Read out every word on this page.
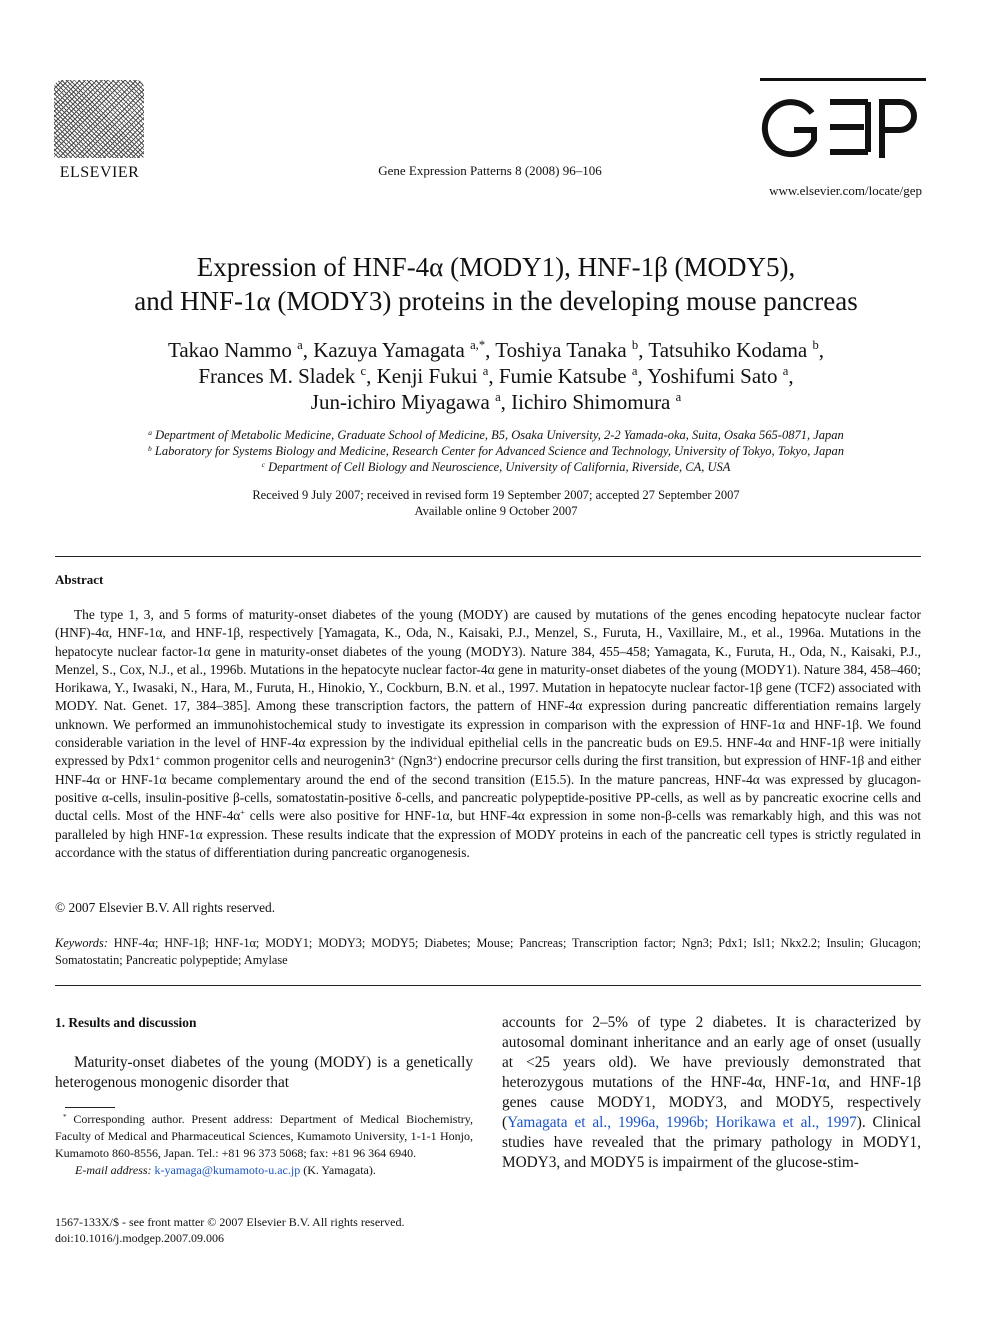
ELSEVIER	Gene Expression Patterns 8 (2008) 96–106
www.elsevier.com/locate/gep
Expression of HNF-4α (MODY1), HNF-1β (MODY5),
and HNF-1α (MODY3) proteins in the developing mouse pancreas
Takao Nammo $^a$, Kazuya Yamagata $^{a,*}$, Toshiya Tanaka $^b$, Tatsuhiko Kodama $^b$,
Frances M. Sladek $^c$, Kenji Fukui $^a$, Fumie Katsube $^a$, Yoshifumi Sato $^a$,
Jun-ichiro Miyagawa $^a$, Iichiro Shimomura $^a$
$^a$ Department of Metabolic Medicine, Graduate School of Medicine, B5, Osaka University, 2-2 Yamada-oka, Suita, Osaka 565-0871, Japan
$^b$ Laboratory for Systems Biology and Medicine, Research Center for Advanced Science and Technology, University of Tokyo, Tokyo, Japan
$^c$ Department of Cell Biology and Neuroscience, University of California, Riverside, CA, USA
Received 9 July 2007; received in revised form 19 September 2007; accepted 27 September 2007
Available online 9 October 2007
Abstract
The type 1, 3, and 5 forms of maturity-onset diabetes of the young (MODY) are caused by mutations of the genes encoding hepatocyte nuclear factor (HNF)-4α, HNF-1α, and HNF-1β, respectively [Yamagata, K., Oda, N., Kaisaki, P.J., Menzel, S., Furuta, H., Vaxillaire, M., et al., 1996a. Mutations in the hepatocyte nuclear factor-1α gene in maturity-onset diabetes of the young (MODY3). Nature 384, 455–458; Yamagata, K., Furuta, H., Oda, N., Kaisaki, P.J., Menzel, S., Cox, N.J., et al., 1996b. Mutations in the hepatocyte nuclear factor-4α gene in maturity-onset diabetes of the young (MODY1). Nature 384, 458–460; Horikawa, Y., Iwasaki, N., Hara, M., Furuta, H., Hinokio, Y., Cockburn, B.N. et al., 1997. Mutation in hepatocyte nuclear factor-1β gene (TCF2) associated with MODY. Nat. Genet. 17, 384–385]. Among these transcription factors, the pattern of HNF-4α expression during pancreatic differentiation remains largely unknown. We performed an immunohistochemical study to investigate its expression in comparison with the expression of HNF-1α and HNF-1β. We found considerable variation in the level of HNF-4α expression by the individual epithelial cells in the pancreatic buds on E9.5. HNF-4α and HNF-1β were initially expressed by Pdx1+ common progenitor cells and neurogenin3+ (Ngn3+) endocrine precursor cells during the first transition, but expression of HNF-1β and either HNF-4α or HNF-1α became complementary around the end of the second transition (E15.5). In the mature pancreas, HNF-4α was expressed by glucagon-positive α-cells, insulin-positive β-cells, somatostatin-positive δ-cells, and pancreatic polypeptide-positive PP-cells, as well as by pancreatic exocrine cells and ductal cells. Most of the HNF-4α+ cells were also positive for HNF-1α, but HNF-4α expression in some non-β-cells was remarkably high, and this was not paralleled by high HNF-1α expression. These results indicate that the expression of MODY proteins in each of the pancreatic cell types is strictly regulated in accordance with the status of differentiation during pancreatic organogenesis.
© 2007 Elsevier B.V. All rights reserved.
Keywords: HNF-4α; HNF-1β; HNF-1α; MODY1; MODY3; MODY5; Diabetes; Mouse; Pancreas; Transcription factor; Ngn3; Pdx1; Isl1; Nkx2.2; Insulin; Glucagon; Somatostatin; Pancreatic polypeptide; Amylase
1. Results and discussion
Maturity-onset diabetes of the young (MODY) is a genetically heterogenous monogenic disorder that
* Corresponding author. Present address: Department of Medical Biochemistry, Faculty of Medical and Pharmaceutical Sciences, Kumamoto University, 1-1-1 Honjo, Kumamoto 860-8556, Japan. Tel.: +81 96 373 5068; fax: +81 96 364 6940.
E-mail address: k-yamaga@kumamoto-u.ac.jp (K. Yamagata).
1567-133X/$ - see front matter © 2007 Elsevier B.V. All rights reserved.
doi:10.1016/j.modgep.2007.09.006
accounts for 2–5% of type 2 diabetes. It is characterized by autosomal dominant inheritance and an early age of onset (usually at <25 years old). We have previously demonstrated that heterozygous mutations of the HNF-4α, HNF-1α, and HNF-1β genes cause MODY1, MODY3, and MODY5, respectively (Yamagata et al., 1996a, 1996b; Horikawa et al., 1997). Clinical studies have revealed that the primary pathology in MODY1, MODY3, and MODY5 is impairment of the glucose-stim-
